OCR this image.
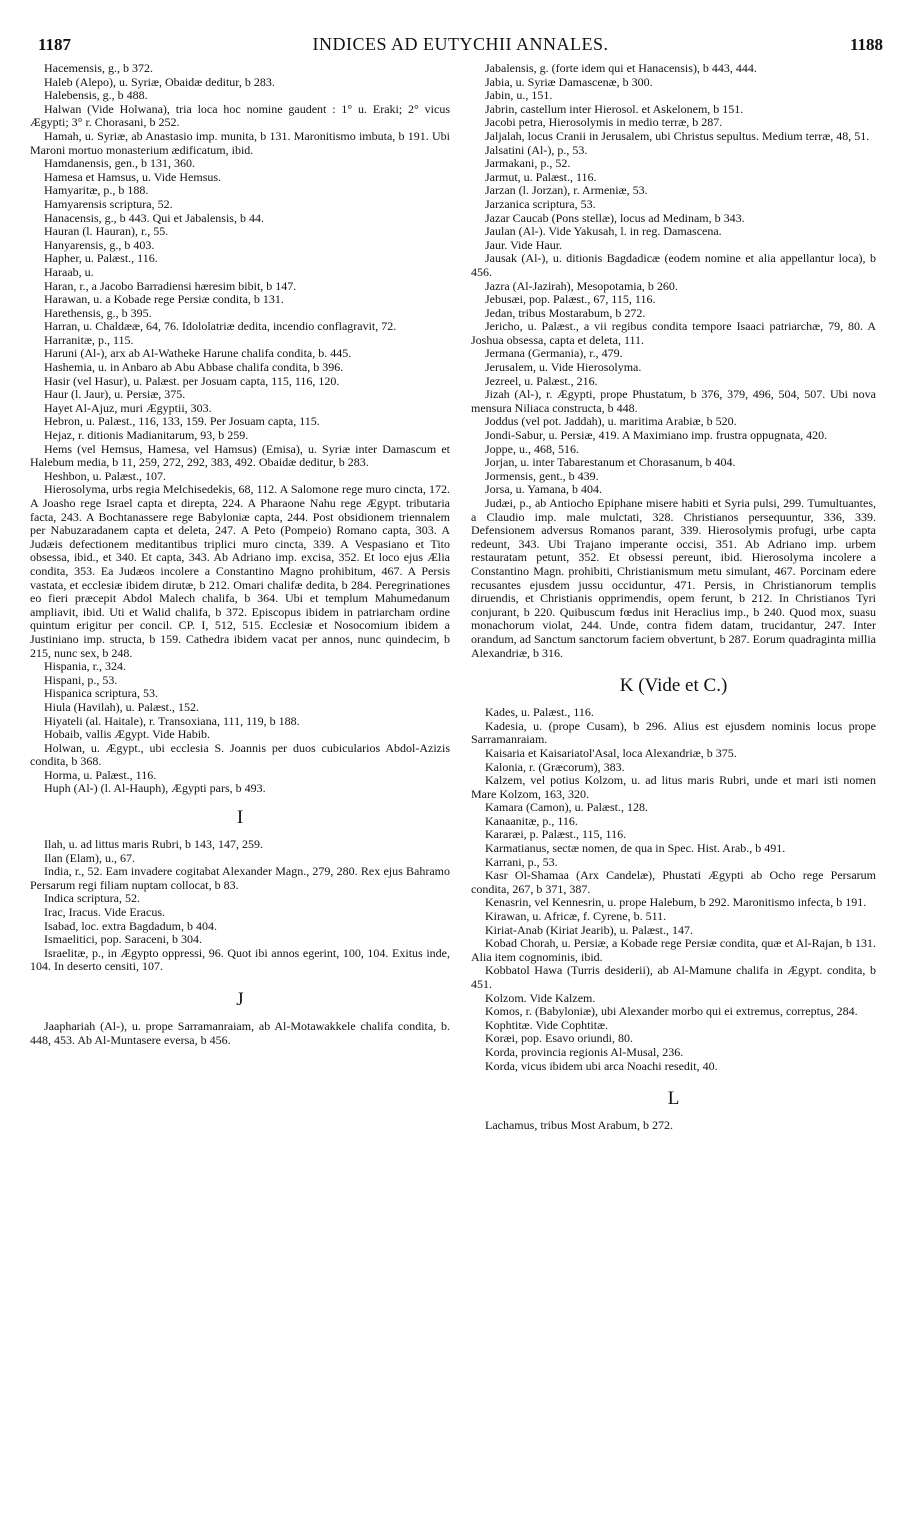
1187	INDICES AD EUTYCHII ANNALES.	1188

Hacemensis, g., b 372.

Haleb (Alepo), u. Syriæ, Obaidæ deditur, b 283.

Halebensis, g., b 488.

Halwan (Vide Holwana), tria loca hoc nomine gaudent : 1° u. Eraki; 2° vicus Ægypti; 3° r. Chorasani, b 252.

Hamah, u. Syriæ, ab Anastasio imp. munita, b 131. Maronitismo imbuta, b 191. Ubi Maroni mortuo monasterium ædificatum, ibid.

Hamdanensis, gen., b 131, 360.

Hamesa et Hamsus, u. Vide Hemsus.

Hamyaritæ, p., b 188.

Hamyarensis scriptura, 52.

Hanacensis, g., b 443. Qui et Jabalensis, b 44.

Hauran (l. Hauran), r., 55.

Hanyarensis, g., b 403.

Hapher, u. Palæst., 116.

Haraab, u.

Haran, r., a Jacobo Barradiensi hæresim bibit, b 147.

Harawan, u. a Kobade rege Persiæ condita, b 131.

Harethensis, g., b 395.

Harran, u. Chaldææ, 64, 76. Idololatriæ dedita, incendio conflagravit, 72.

Harranitæ, p., 115.

Haruni (Al-), arx ab Al-Watheke Harune chalifa condita, b. 445.

Hashemia, u. in Anbaro ab Abu Abbase chalifa condita, b 396.

Hasir (vel Hasur), u. Palæst. per Josuam capta, 115, 116, 120.

Haur (l. Jaur), u. Persiæ, 375.

Hayet Al-Ajuz, muri Ægyptii, 303.

Hebron, u. Palæst., 116, 133, 159. Per Josuam capta, 115.

Hejaz, r. ditionis Madianitarum, 93, b 259.

Hems (vel Hemsus, Hamesa, vel Hamsus) (Emisa), u. Syriæ inter Damascum et Halebum media, b 11, 259, 272, 292, 383, 492. Obaidæ deditur, b 283.

Heshbon, u. Palæst., 107.

Hierosolyma, urbs regia Melchisedekis, 68, 112. A Salomone rege muro cincta, 172. A Joasho rege Israel capta et direpta, 224. A Pharaone Nahu rege Ægypt. tributaria facta, 243. A Bochtanassere rege Babyloniæ capta, 244. Post obsidionem triennalem per Nabuzaradanem capta et deleta, 247. A Peto (Pompeio) Romano capta, 303. A Judæis defectionem meditantibus triplici muro cincta, 339. A Vespasiano et Tito obsessa, ibid., et 340. Et capta, 343. Ab Adriano imp. excisa, 352. Et loco ejus Ælia condita, 353. Ea Judæos incolere a Constantino Magno prohibitum, 467. A Persis vastata, et ecclesiæ ibidem dirutæ, b 212. Omari chalifæ dedita, b 284. Peregrinationes eo fieri præcepit Abdol Malech chalifa, b 364. Ubi et templum Mahumedanum ampliavit, ibid. Uti et Walid chalifa, b 372. Episcopus ibidem in patriarcham ordine quintum erigitur per concil. CP. I, 512, 515. Ecclesiæ et Nosocomium ibidem a Justiniano imp. structa, b 159. Cathedra ibidem vacat per annos, nunc quindecim, b 215, nunc sex, b 248.

Hispania, r., 324.

Hispani, p., 53.

Hispanica scriptura, 53.

Hiula (Havilah), u. Palæst., 152.

Hiyateli (al. Haitale), r. Transoxiana, 111, 119, b 188.

Hobaib, vallis Ægypt. Vide Habib.

Holwan, u. Ægypt., ubi ecclesia S. Joannis per duos cubicularios Abdol-Azizis condita, b 368.

Horma, u. Palæst., 116.

Huph (Al-) (l. Al-Hauph), Ægypti pars, b 493.

I

Ilah, u. ad littus maris Rubri, b 143, 147, 259.

Ilan (Elam), u., 67.

India, r., 52. Eam invadere cogitabat Alexander Magn., 279, 280. Rex ejus Bahramo Persarum regi filiam nuptam collocat, b 83.

Indica scriptura, 52.

Irac, Iracus. Vide Eracus.

Isabad, loc. extra Bagdadum, b 404.

Ismaelitici, pop. Saraceni, b 304.

Israelitæ, p., in Ægypto oppressi, 96. Quot ibi annos egerint, 100, 104. Exitus inde, 104. In deserto censiti, 107.

J

Jaaphariah (Al-), u. prope Sarramanraiam, ab Al-Motawakkele chalifa condita, b. 448, 453. Ab Al-Muntasere eversa, b 456.

Jabalensis, g. (forte idem qui et Hanacensis), b 443, 444.

Jabia, u. Syriæ Damascenæ, b 300.

Jabin, u., 151.

Jabrin, castellum inter Hierosol. et Askelonem, b 151.

Jacobi petra, Hierosolymis in medio terræ, b 287.

Jaljalah, locus Cranii in Jerusalem, ubi Christus sepultus. Medium terræ, 48, 51.

Jalsatini (Al-), p., 53.

Jarmakani, p., 52.

Jarmut, u. Palæst., 116.

Jarzan (l. Jorzan), r. Armeniæ, 53.

Jarzanica scriptura, 53.

Jazar Caucab (Pons stellæ), locus ad Medinam, b 343.

Jaulan (Al-). Vide Yakusah, l. in reg. Damascena.

Jaur. Vide Haur.

Jausak (Al-), u. ditionis Bagdadicæ (eodem nomine et alia appellantur loca), b 456.

Jazra (Al-Jazirah), Mesopotamia, b 260.

Jebusæi, pop. Palæst., 67, 115, 116.

Jedan, tribus Mostarabum, b 272.

Jericho, u. Palæst., a vii regibus condita tempore Isaaci patriarchæ, 79, 80. A Joshua obsessa, capta et deleta, 111.

Jermana (Germania), r., 479.

Jerusalem, u. Vide Hierosolyma.

Jezreel, u. Palæst., 216.

Jizah (Al-), r. Ægypti, prope Phustatum, b 376, 379, 496, 504, 507. Ubi nova mensura Niliaca constructa, b 448.

Joddus (vel pot. Jaddah), u. maritima Arabiæ, b 520.

Jondi-Sabur, u. Persiæ, 419. A Maximiano imp. frustra oppugnata, 420.

Joppe, u., 468, 516.

Jorjan, u. inter Tabarestanum et Chorasanum, b 404.

Jormensis, gent., b 439.

Jorsa, u. Yamana, b 404.

Judæi, p., ab Antiocho Epiphane misere habiti et Syria pulsi, 299. Tumultuantes, a Claudio imp. male mulctati, 328. Christianos persequuntur, 336, 339. Defensionem adversus Romanos parant, 339. Hierosolymis profugi, urbe capta redeunt, 343. Ubi Trajano imperante occisi, 351. Ab Adriano imp. urbem restauratam petunt, 352. Et obsessi pereunt, ibid. Hierosolyma incolere a Constantino Magn. prohibiti, Christianismum metu simulant, 467. Porcinam edere recusantes ejusdem jussu occiduntur, 471. Persis, in Christianorum templis diruendis, et Christianis opprimendis, opem ferunt, b 212. In Christianos Tyri conjurant, b 220. Quibuscum fœdus init Heraclius imp., b 240. Quod mox, suasu monachorum violat, 244. Unde, contra fidem datam, trucidantur, 247. Inter orandum, ad Sanctum sanctorum faciem obvertunt, b 287. Eorum quadraginta millia Alexandriæ, b 316.

K (Vide et C.)

Kades, u. Palæst., 116.

Kadesia, u. (prope Cusam), b 296. Alius est ejusdem nominis locus prope Sarramanraiam.

Kaisaria et Kaisariatol'Asal, loca Alexandriæ, b 375.

Kalonia, r. (Græcorum), 383.

Kalzem, vel potius Kolzom, u. ad litus maris Rubri, unde et mari isti nomen Mare Kolzom, 163, 320.

Kamara (Camon), u. Palæst., 128.

Kanaanitæ, p., 116.

Kararæi, p. Palæst., 115, 116.

Karmatianus, sectæ nomen, de qua in Spec. Hist. Arab., b 491.

Karrani, p., 53.

Kasr Ol-Shamaa (Arx Candelæ), Phustati Ægypti ab Ocho rege Persarum condita, 267, b 371, 387.

Kenasrin, vel Kennesrin, u. prope Halebum, b 292. Maronitismo infecta, b 191.

Kirawan, u. Africæ, f. Cyrene, b. 511.

Kiriat-Anab (Kiriat Jearib), u. Palæst., 147.

Kobad Chorah, u. Persiæ, a Kobade rege Persiæ condita, quæ et Al-Rajan, b 131. Alia item cognominis, ibid.

Kobbatol Hawa (Turris desiderii), ab Al-Mamune chalifa in Ægypt. condita, b 451.

Kolzom. Vide Kalzem.

Komos, r. (Babyloniæ), ubi Alexander morbo qui ei extremus, correptus, 284.

Kophtitæ. Vide Cophtitæ.

Koræi, pop. Esavo oriundi, 80.

Korda, provincia regionis Al-Musal, 236.

Korda, vicus ibidem ubi arca Noachi resedit, 40.

L

Lachamus, tribus Most Arabum, b 272.
